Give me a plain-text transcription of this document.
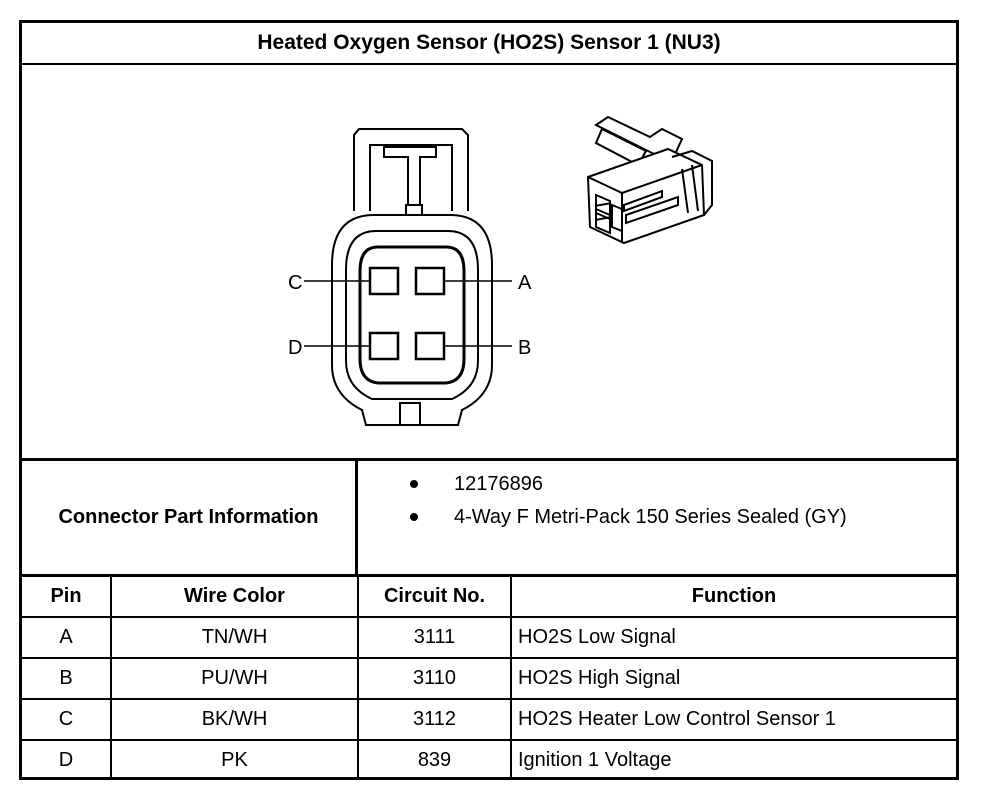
Heated Oxygen Sensor (HO2S) Sensor 1 (NU3)
C	A
D	B
Connector Part Information
12176896
4-Way F Metri-Pack 150 Series Sealed (GY)
Pin	Wire Color	Circuit No.	Function
A	TN/WH	3111	HO2S Low Signal
B	PU/WH	3110	HO2S High Signal
C	BK/WH	3112	HO2S Heater Low Control Sensor 1
D	PK	839	Ignition 1 Voltage
